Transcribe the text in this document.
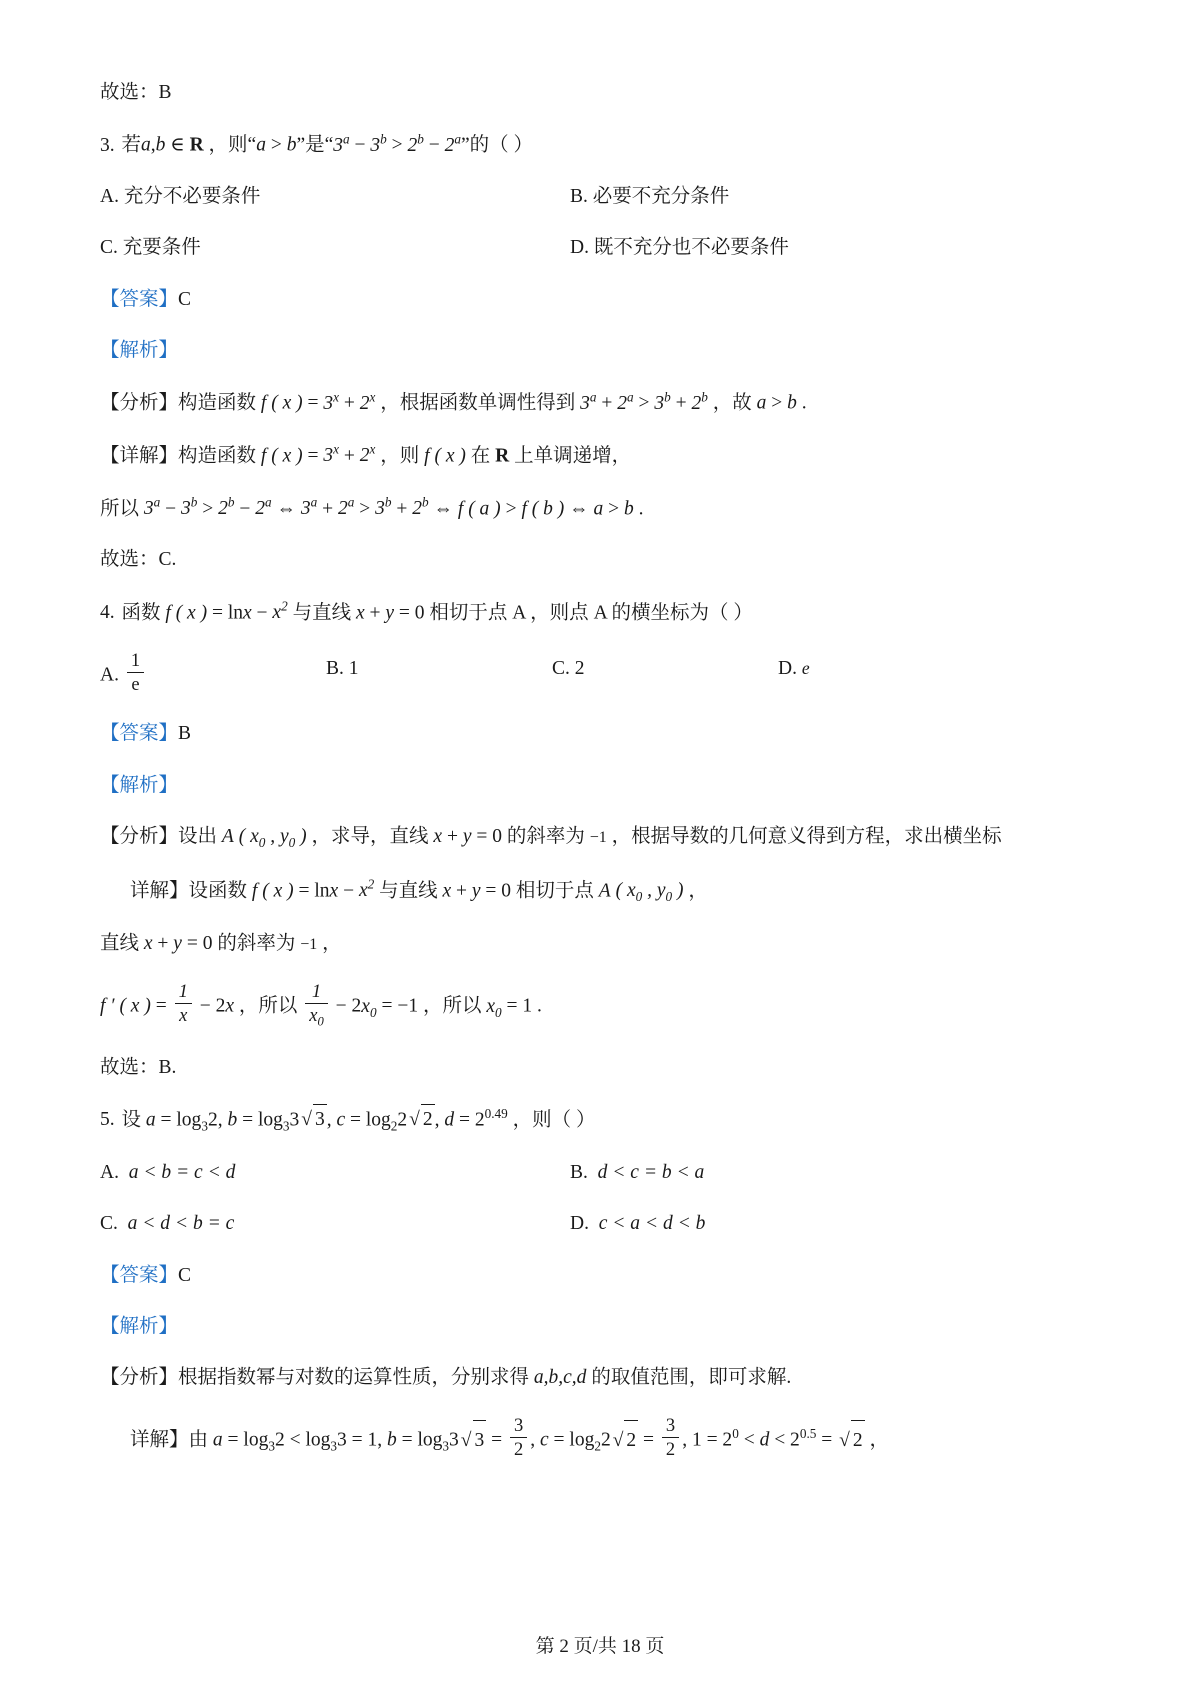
故选：B

3. 若a,b ∈ R ，则“a > b”是“$3^a - 3^b > 2^b - 2^a$”的（ ）

A. 充分不必要条件	B. 必要不充分条件
C. 充要条件	D. 既不充分也不必要条件

【答案】C

【解析】

【分析】构造函数 f ( x ) = $3^x + 2^x$ ，根据函数单调性得到 $3^a + 2^a > 3^b + 2^b$ ，故 a > b .

【详解】构造函数 f ( x ) = $3^x + 2^x$ ，则 f ( x ) 在 R 上单调递增，

所以 $3^a - 3^b > 2^b - 2^a$ ⇔ $3^a + 2^a > 3^b + 2^b$ ⇔ f ( a ) > f ( b ) ⇔ a > b .

故选：C.

4. 函数 f ( x ) = $\ln x - x^2$ 与直线 x + y = 0 相切于点 A ，则点 A 的横坐标为（ ）

A. $\frac{1}{e}$	B. 1	C. 2	D. e

【答案】B

【解析】

【分析】设出 A ( $x_0$ , $y_0$ ) ，求导，直线 x + y = 0 的斜率为 −1 ，根据导数的几何意义得到方程，求出横坐标

详解】设函数 f ( x ) = $\ln x - x^2$ 与直线 x + y = 0 相切于点 A ( $x_0$ , $y_0$ ) ，

直线 x + y = 0 的斜率为 −1 ，

f ′ ( x ) = $\frac{1}{x} - 2x$ ，所以 $\frac{1}{x_0} - 2x_0 = -1$ ，所以 $x_0 = 1$ .

故选：B.

5. 设 $a = \log_32$, $b = \log_33$ √ 3 , $c = \log_22$ √ 2 , $d = 2^{0.49}$ ，则（ ）

A.  a < b = c < d	B.  d < c = b < a
C.  a < d < b = c	D.  c < a < d < b

【答案】C

【解析】

【分析】根据指数幂与对数的运算性质，分别求得 a,b,c,d 的取值范围，即可求解.

详解】由 $a = \log_32 < \log_33 = 1$, $b = \log_33$ √ $3 = \frac{3}{2}$ , $c = \log_22$ √ $2 = \frac{3}{2}$ , $1 = 2^0 < d < 2^{0.5}$ = √ 2 ，

第 2 页/共 18 页
